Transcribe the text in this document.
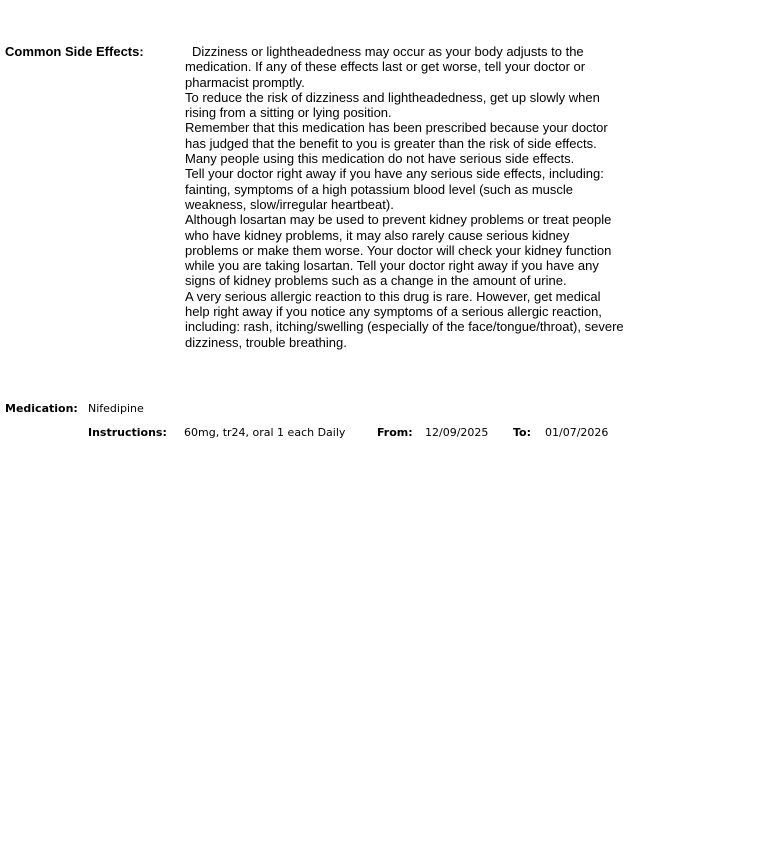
Common Side Effects:	Dizziness or lightheadedness may occur as your body adjusts to the medication. If any of these effects last or get worse, tell your doctor or pharmacist promptly.

To reduce the risk of dizziness and lightheadedness, get up slowly when rising from a sitting or lying position.

Remember that this medication has been prescribed because your doctor has judged that the benefit to you is greater than the risk of side effects. Many people using this medication do not have serious side effects.

Tell your doctor right away if you have any serious side effects, including: fainting, symptoms of a high potassium blood level (such as muscle weakness, slow/irregular heartbeat).

Although losartan may be used to prevent kidney problems or treat people who have kidney problems, it may also rarely cause serious kidney problems or make them worse. Your doctor will check your kidney function while you are taking losartan. Tell your doctor right away if you have any signs of kidney problems such as a change in the amount of urine.

A very serious allergic reaction to this drug is rare. However, get medical help right away if you notice any symptoms of a serious allergic reaction, including: rash, itching/swelling (especially of the face/tongue/throat), severe dizziness, trouble breathing.

Medication: Nifedipine
Instructions: 60mg, tr24, oral 1 each Daily	From: 12/09/2025 To: 01/07/2026
